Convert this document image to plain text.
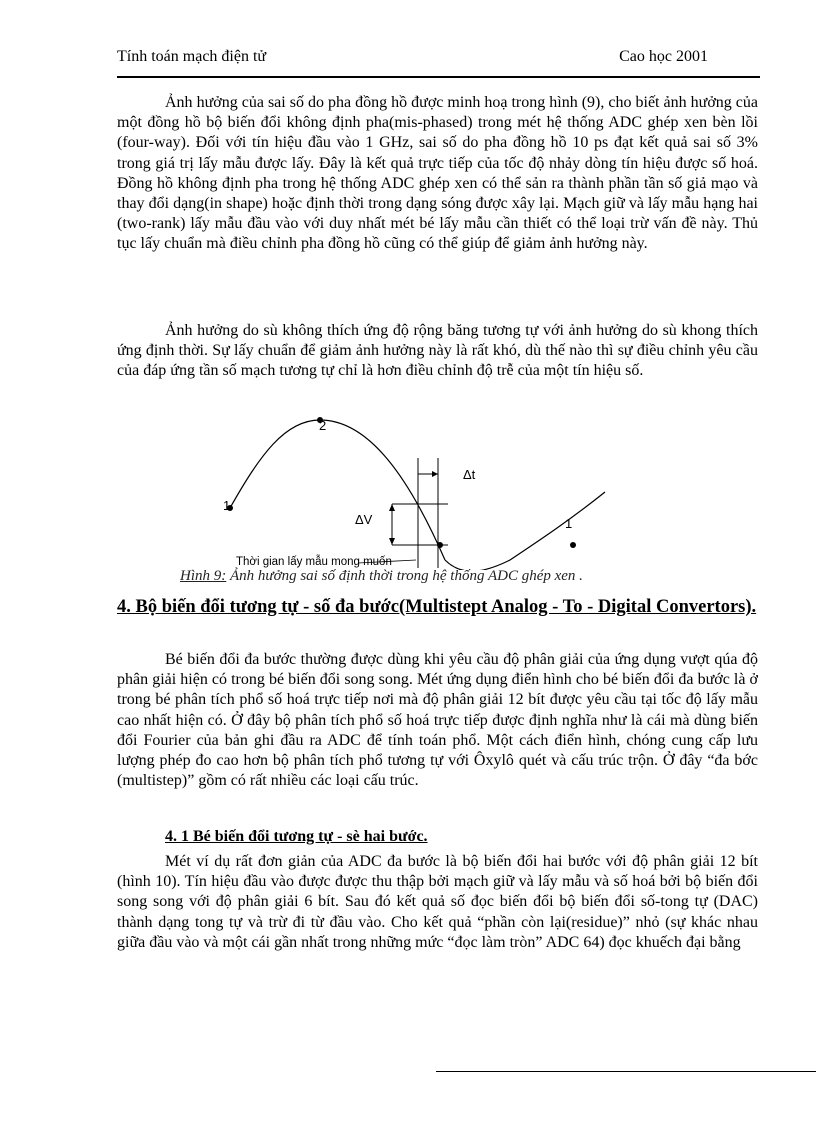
Tính toán mạch điện tử	Cao học 2001

Ảnh hưởng của sai số do pha đồng hồ được minh hoạ trong hình (9), cho biết ảnh hưởng của một đồng hồ bộ biến đổi không định pha(mis-phased) trong mét hệ thống ADC ghép xen bèn lồi (four-way). Đối với tín hiệu đầu vào 1 GHz, sai số do pha đồng hồ 10 ps đạt kết quả sai số 3% trong giá trị lấy mẫu được lấy. Đây là kết quả trực tiếp của tốc độ nhảy dòng tín hiệu được số hoá. Đồng hồ không định pha trong hệ thống ADC ghép xen có thể sản ra thành phần tần số giả mạo và thay đổi dạng(in shape) hoặc định thời trong dạng sóng được xây lại. Mạch giữ và lấy mẫu hạng hai (two-rank) lấy mẫu đầu vào với duy nhất mét bé lấy mẫu cần thiết có thể loại trừ vấn đề này. Thủ tục lấy chuẩn mà điều chỉnh pha đồng hồ cũng có thể giúp để giảm ảnh hưởng này.

Ảnh hưởng do sù không thích ứng độ rộng băng tương tự với ảnh hưởng do sù khong thích ứng định thời. Sự lấy chuẩn để giảm ảnh hưởng này là rất khó, dù thế nào thì sự điều chỉnh yêu cầu của đáp ứng tần số mạch tương tự chỉ là hơn điều chỉnh độ trễ của một tín hiệu số.

2
1
1
Δt
ΔV
Thời gian lấy mẫu mong muốn

Hình 9: Ảnh hưởng sai số định thời trong hệ thống ADC ghép xen .

4. Bộ biến đổi tương tự - số đa bước(Multistept Analog - To - Digital Convertors).

Bé biến đổi đa bước thường được dùng khi yêu cầu độ phân giải của ứng dụng vượt qúa độ phân giải hiện có trong bé biến đổi song song. Mét ứng dụng điển hình cho bé biến đổi đa bước là ở trong bé phân tích phổ số hoá trực tiếp nơi mà độ phân giải 12 bít được yêu cầu tại tốc độ lấy mẫu cao nhất hiện có. Ở đây bộ phân tích phổ số hoá trực tiếp được định nghĩa như là cái mà dùng biến đổi Fourier của bản ghi đầu ra ADC để tính toán phổ. Một cách điển hình, chóng cung cấp lưu lượng phép đo cao hơn bộ phân tích phổ tương tự với Ôxylô quét và cấu trúc trộn. Ở đây “đa bớc (multistep)” gồm có rất nhiều các loại cấu trúc.

4. 1 Bé biến đổi tương tự - sè hai bước.

Mét ví dụ rất đơn giản của ADC đa bước là bộ biến đổi hai bước với độ phân giải 12 bít (hình 10). Tín hiệu đầu vào được được thu thập bởi mạch giữ và lấy mẫu và số hoá bởi bộ biến đổi song song với độ phân giải 6 bít. Sau đó kết quả số đọc biến đổi bộ biến đổi số-tong tự (DAC) thành dạng tong tự và trừ đi từ đầu vào. Cho kết quả “phần còn lại(residue)” nhỏ (sự khác nhau giữa đầu vào và một cái gần nhất trong những mức “đọc làm tròn” ADC 64) đọc khuếch đại bằng
